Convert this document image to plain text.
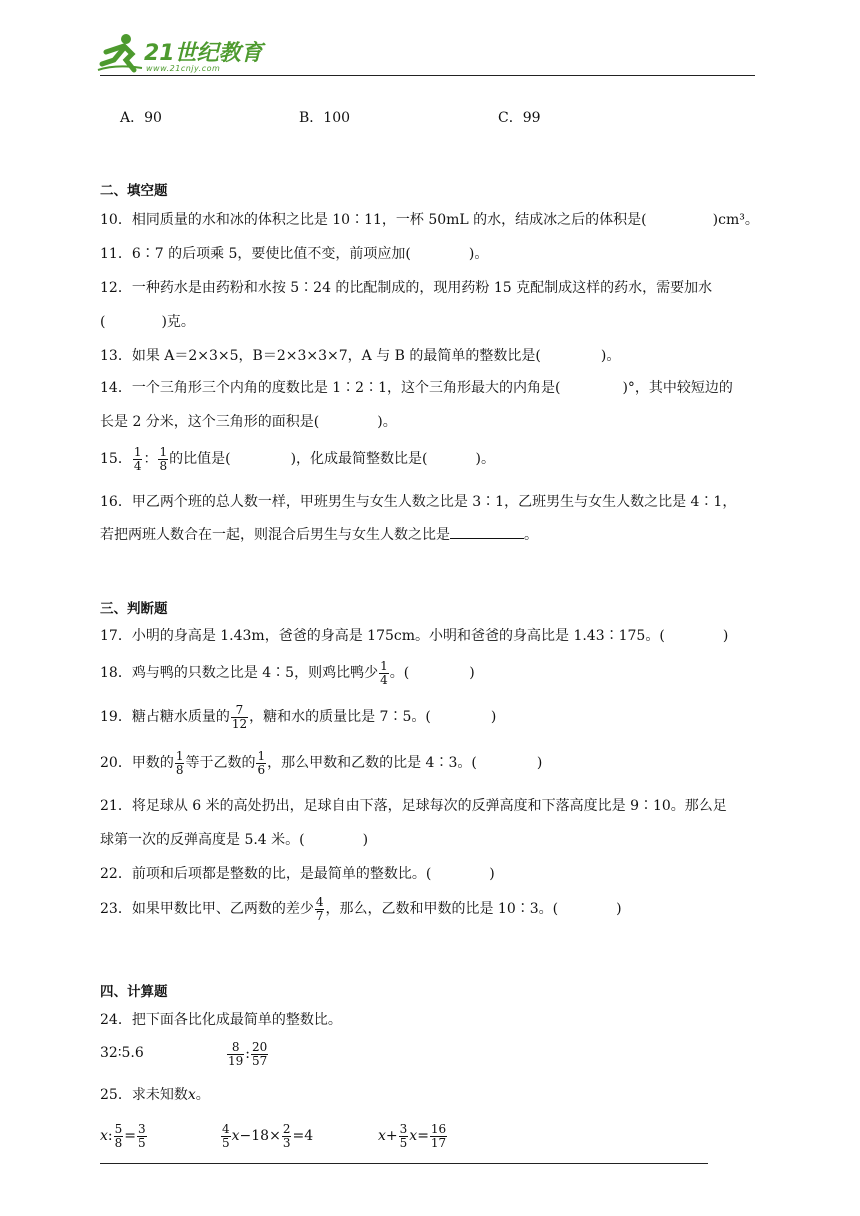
21世纪教育
www.21cnjy.com
A．90	B．100	C．99
二、填空题
10．相同质量的水和冰的体积之比是 10∶11，一杯 50mL 的水，结成冰之后的体积是(	)cm³。
11．6∶7 的后项乘 5，要使比值不变，前项应加(	)。
12．一种药水是由药粉和水按 5∶24 的比配制成的，现用药粉 15 克配制成这样的药水，需要加水
(	)克。
13．如果 A＝2×3×5，B＝2×3×3×7，A 与 B 的最简单的整数比是(	)。
14．一个三角形三个内角的度数比是 1∶2∶1，这个三角形最大的内角是(	)°，其中较短边的
长是 2 分米，这个三角形的面积是(	)。
15． $\frac{1}{4}$ ： $\frac{1}{8}$ 的比值是(	)，化成最简整数比是(	)。
16．甲乙两个班的总人数一样，甲班男生与女生人数之比是 3∶1，乙班男生与女生人数之比是 4∶1，
若把两班人数合在一起，则混合后男生与女生人数之比是	。
三、判断题
17．小明的身高是 1.43m，爸爸的身高是 175cm。小明和爸爸的身高比是 1.43∶175。(	)
18．鸡与鸭的只数之比是 4∶5，则鸡比鸭少 $\frac{1}{4}$ 。(	)
19．糖占糖水质量的 $\frac{7}{12}$ ，糖和水的质量比是 7∶5。(	)
20．甲数的 $\frac{1}{8}$ 等于乙数的 $\frac{1}{6}$ ，那么甲数和乙数的比是 4∶3。(	)
21．将足球从 6 米的高处扔出，足球自由下落，足球每次的反弹高度和下落高度比是 9∶10。那么足
球第一次的反弹高度是 5.4 米。(	)
22．前项和后项都是整数的比，是最简单的整数比。(	)
23．如果甲数比甲、乙两数的差少 $\frac{4}{7}$ ，那么，乙数和甲数的比是 10∶3。(	)
四、计算题
24．把下面各比化成最简单的整数比。
32∶5.6	$\frac{8}{19}$ : $\frac{20}{57}$
25．求未知数x。
x: $\frac{5}{8} = \frac{3}{5}$	$\frac{4}{5} x-18\times \frac{2}{3} =4$	$x+ \frac{3}{5} x= \frac{16}{17}$
